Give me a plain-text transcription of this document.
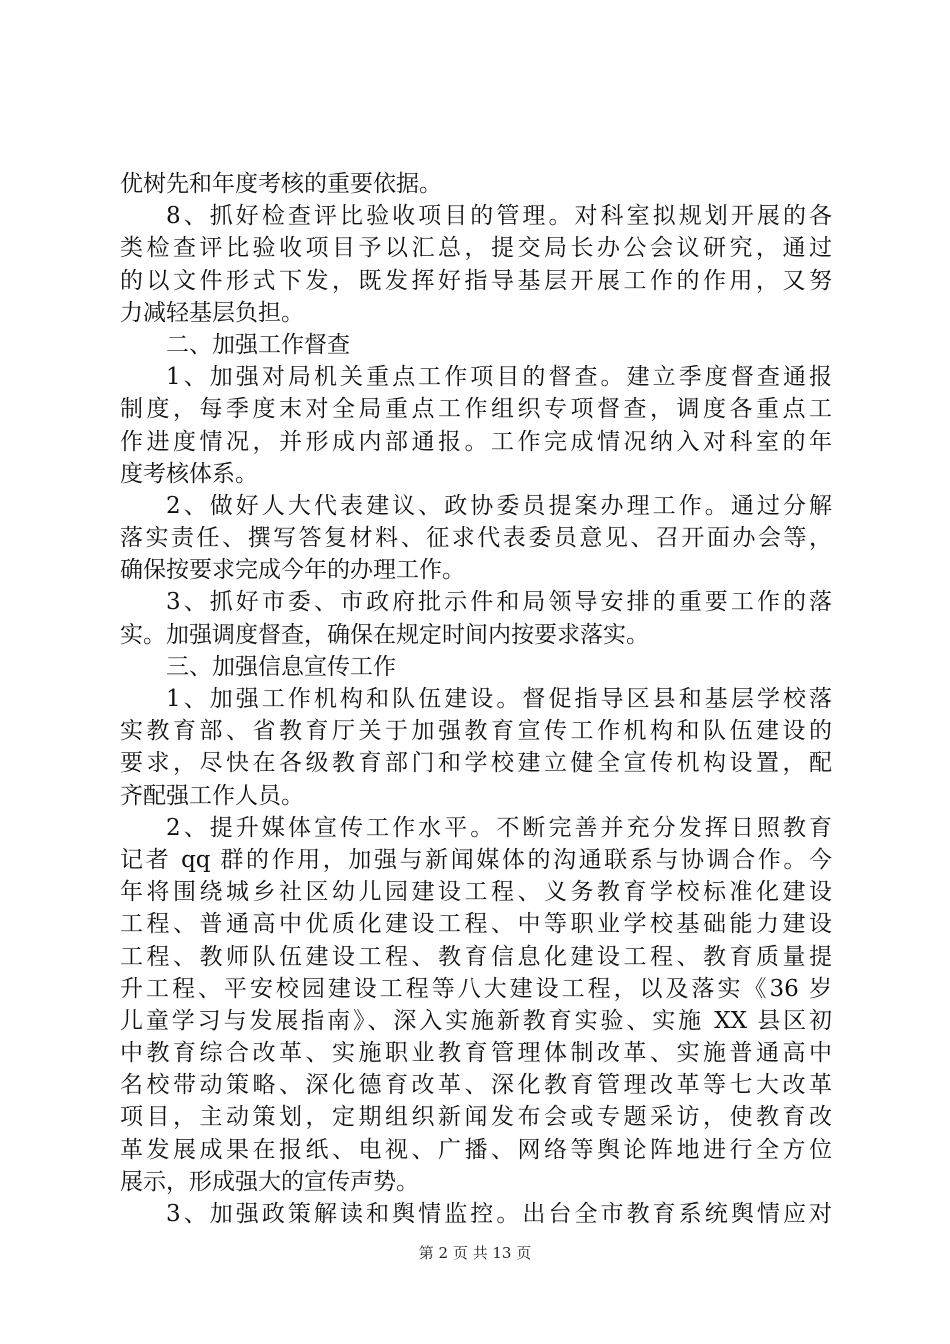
优树先和年度考核的重要依据。
8、抓好检查评比验收项目的管理。对科室拟规划开展的各
类检查评比验收项目予以汇总，提交局长办公会议研究，通过
的以文件形式下发，既发挥好指导基层开展工作的作用，又努
力减轻基层负担。
二、加强工作督查
1、加强对局机关重点工作项目的督查。建立季度督查通报
制度，每季度末对全局重点工作组织专项督查，调度各重点工
作进度情况，并形成内部通报。工作完成情况纳入对科室的年
度考核体系。
2、做好人大代表建议、政协委员提案办理工作。通过分解
落实责任、撰写答复材料、征求代表委员意见、召开面办会等，
确保按要求完成今年的办理工作。
3、抓好市委、市政府批示件和局领导安排的重要工作的落
实。加强调度督查，确保在规定时间内按要求落实。
三、加强信息宣传工作
1、加强工作机构和队伍建设。督促指导区县和基层学校落
实教育部、省教育厅关于加强教育宣传工作机构和队伍建设的
要求，尽快在各级教育部门和学校建立健全宣传机构设置，配
齐配强工作人员。
2、提升媒体宣传工作水平。不断完善并充分发挥日照教育
记者 qq 群的作用，加强与新闻媒体的沟通联系与协调合作。今
年将围绕城乡社区幼儿园建设工程、义务教育学校标准化建设
工程、普通高中优质化建设工程、中等职业学校基础能力建设
工程、教师队伍建设工程、教育信息化建设工程、教育质量提
升工程、平安校园建设工程等八大建设工程，以及落实《36 岁
儿童学习与发展指南》、深入实施新教育实验、实施 XX 县区初
中教育综合改革、实施职业教育管理体制改革、实施普通高中
名校带动策略、深化德育改革、深化教育管理改革等七大改革
项目，主动策划，定期组织新闻发布会或专题采访，使教育改
革发展成果在报纸、电视、广播、网络等舆论阵地进行全方位
展示，形成强大的宣传声势。
3、加强政策解读和舆情监控。出台全市教育系统舆情应对
第 2 页 共 13 页
